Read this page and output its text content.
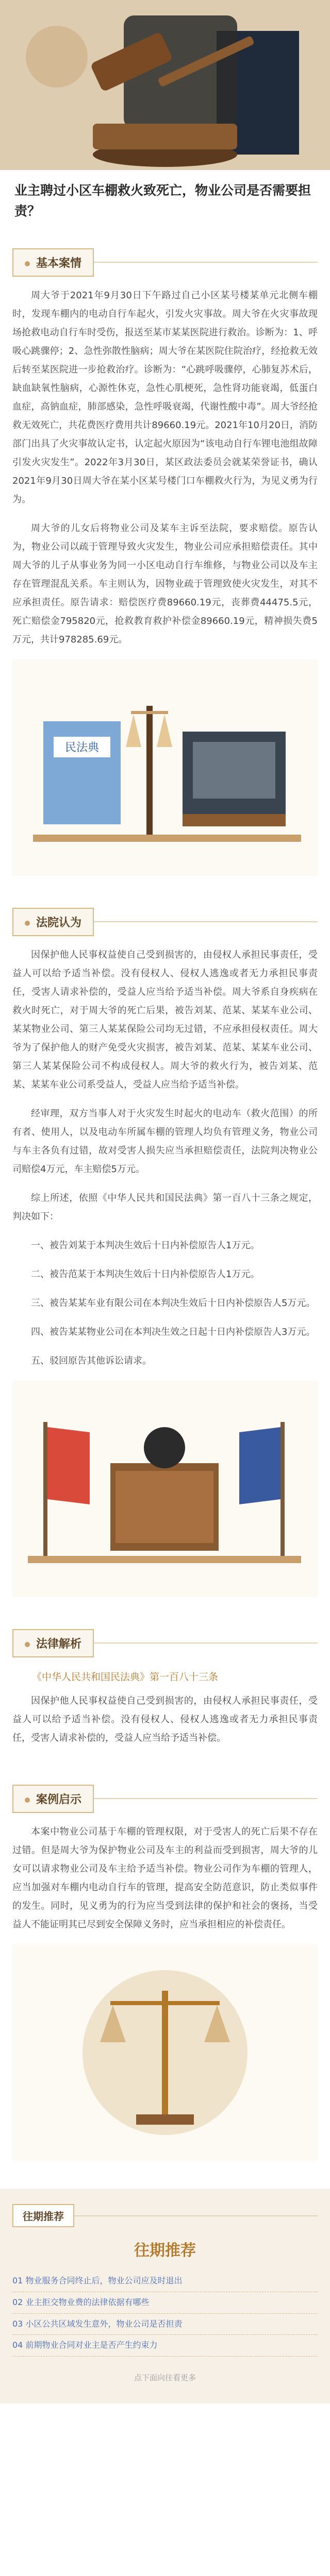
业主聘过小区车棚救火致死亡，物业公司是否需要担责？
基本案情

周大爷于2021年9月30日下午路过自己小区某号楼某单元北侧车棚时，发现车棚内的电动自行车起火，引发火灾事故。周大爷在火灾事故现场抢救电动自行车时受伤，报送至某市某某医院进行救治。诊断为：1、呼吸心跳骤停；2、急性弥散性脑病；周大爷在某医院住院治疗，经抢救无效后转至某医院进一步抢救治疗。诊断为：“心跳呼吸骤停，心肺复苏术后，缺血缺氧性脑病，心源性休克，急性心肌梗死，急性肾功能衰竭，低蛋白血症，高钠血症，肺部感染，急性呼吸衰竭，代谢性酸中毒”。周大爷经抢救无效死亡，共花费医疗费用共计89660.19元。2021年10月20日，消防部门出具了火灾事故认定书，认定起火原因为“该电动自行车锂电池组故障引发火灾发生”。2022年3月30日，某区政法委员会就某荣誉证书，确认2021年9月30日周大爷在某小区某号楼门口车棚救火行为，为见义勇为行为。

周大爷的儿女后将物业公司及某车主诉至法院，要求赔偿。原告认为，物业公司以疏于管理导致火灾发生，物业公司应承担赔偿责任。其中周大爷的儿子从事业务为同一小区电动自行车维修，与物业公司以及车主存在管理混乱关系。车主则认为，因物业疏于管理致使火灾发生，对其不应承担责任。原告请求：赔偿医疗费89660.19元，丧葬费44475.5元，死亡赔偿金795820元，抢救教育救护补偿金89660.19元，精神损失费5万元，共计978285.69元。

民法典
法院认为

因保护他人民事权益使自己受到损害的，由侵权人承担民事责任，受益人可以给予适当补偿。没有侵权人、侵权人逃逸或者无力承担民事责任，受害人请求补偿的，受益人应当给予适当补偿。周大爷系自身疾病在救火时死亡，对于周大爷的死亡后果，被告刘某、范某、某某车业公司、某某物业公司、第三人某某保险公司均无过错，不应承担侵权责任。周大爷为了保护他人的财产免受火灾损害，被告刘某、范某、某某车业公司、第三人某某保险公司不构成侵权人。周大爷的救火行为，被告刘某、范某、某某车业公司系受益人，受益人应当给予适当补偿。

经审理，双方当事人对于火灾发生时起火的电动车（救火范围）的所有者、使用人，以及电动车所属车棚的管理人均负有管理义务，物业公司与车主各负有过错，故对受害人损失应当承担赔偿责任，法院判决物业公司赔偿4万元，车主赔偿5万元。

综上所述，依照《中华人民共和国民法典》第一百八十三条之规定，判决如下：

一、被告刘某于本判决生效后十日内补偿原告人1万元。

二、被告范某于本判决生效后十日内补偿原告人1万元。

三、被告某某车业有限公司在本判决生效后十日内补偿原告人5万元。

四、被告某某物业公司在本判决生效之日起十日内补偿原告人3万元。

五、驳回原告其他诉讼请求。

法律解析

《中华人民共和国民法典》第一百八十三条

因保护他人民事权益使自己受到损害的，由侵权人承担民事责任，受益人可以给予适当补偿。没有侵权人、侵权人逃逸或者无力承担民事责任，受害人请求补偿的，受益人应当给予适当补偿。

案例启示

本案中物业公司基于车棚的管理权限，对于受害人的死亡后果不存在过错。但是周大爷为保护物业公司及车主的利益而受到损害，周大爷的儿女可以请求物业公司及车主给予适当补偿。物业公司作为车棚的管理人，应当加强对车棚内电动自行车的管理，提高安全防范意识，防止类似事件的发生。同时，见义勇为的行为应当受到法律的保护和社会的褒扬，当受益人不能证明其已尽到安全保障义务时，应当承担相应的补偿责任。

往期推荐
往期推荐
01 物业服务合同终止后，物业公司应及时退出
02 业主拒交物业费的法律依据有哪些
03 小区公共区域发生意外，物业公司是否担责
04 前期物业合同对业主是否产生约束力
点下面向往看更多
